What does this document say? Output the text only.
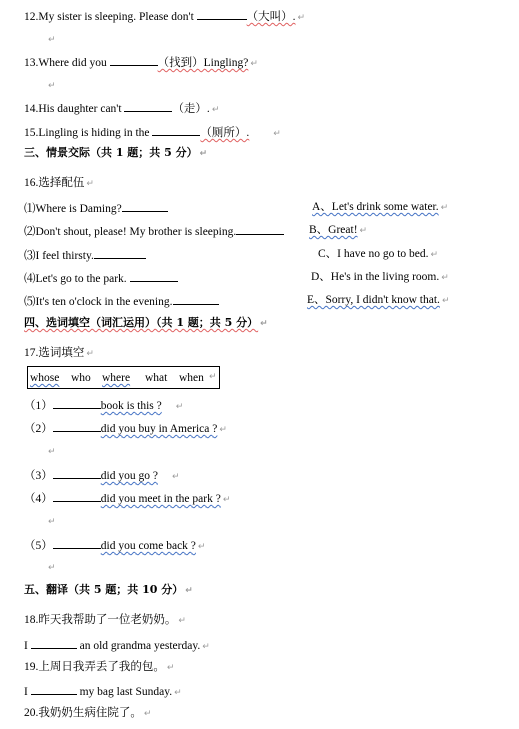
12.My sister is sleeping. Please don't	（大叫）. ↵
↵
13.Where did you	（找到）Lingling? ↵
↵
14.His daughter can't	（走）. ↵
15.Lingling is hiding in the	（厕所）.	↵
三、情景交际（共 1 题；共 5 分） ↵
16.选择配伍 ↵
⑴Where is Daming?	A、Let's drink some water. ↵
⑵Don't shout, please! My brother is sleeping.	B、Great! ↵
⑶I feel thirsty.	C、I have no go to bed. ↵
⑷Let's go to the park.	D、He's in the living room. ↵
⑸It's ten o'clock in the evening.	E、Sorry, I didn't know that. ↵
四、选词填空（词汇运用）（共 1 题；共 5 分） ↵
17.选词填空 ↵
whose who where what when ↵
（1）	book is this ? ↵
（2）	did you buy in America ? ↵
↵
（3）	did you go ? ↵
（4）	did you meet in the park ? ↵
↵
（5）	did you come back ? ↵
↵
五、翻译（共 5 题；共 10 分） ↵
18.昨天我帮助了一位老奶奶。 ↵
I	an old grandma yesterday. ↵
19.上周日我弄丢了我的包。 ↵
I	my bag last Sunday. ↵
20.我奶奶生病住院了。 ↵
